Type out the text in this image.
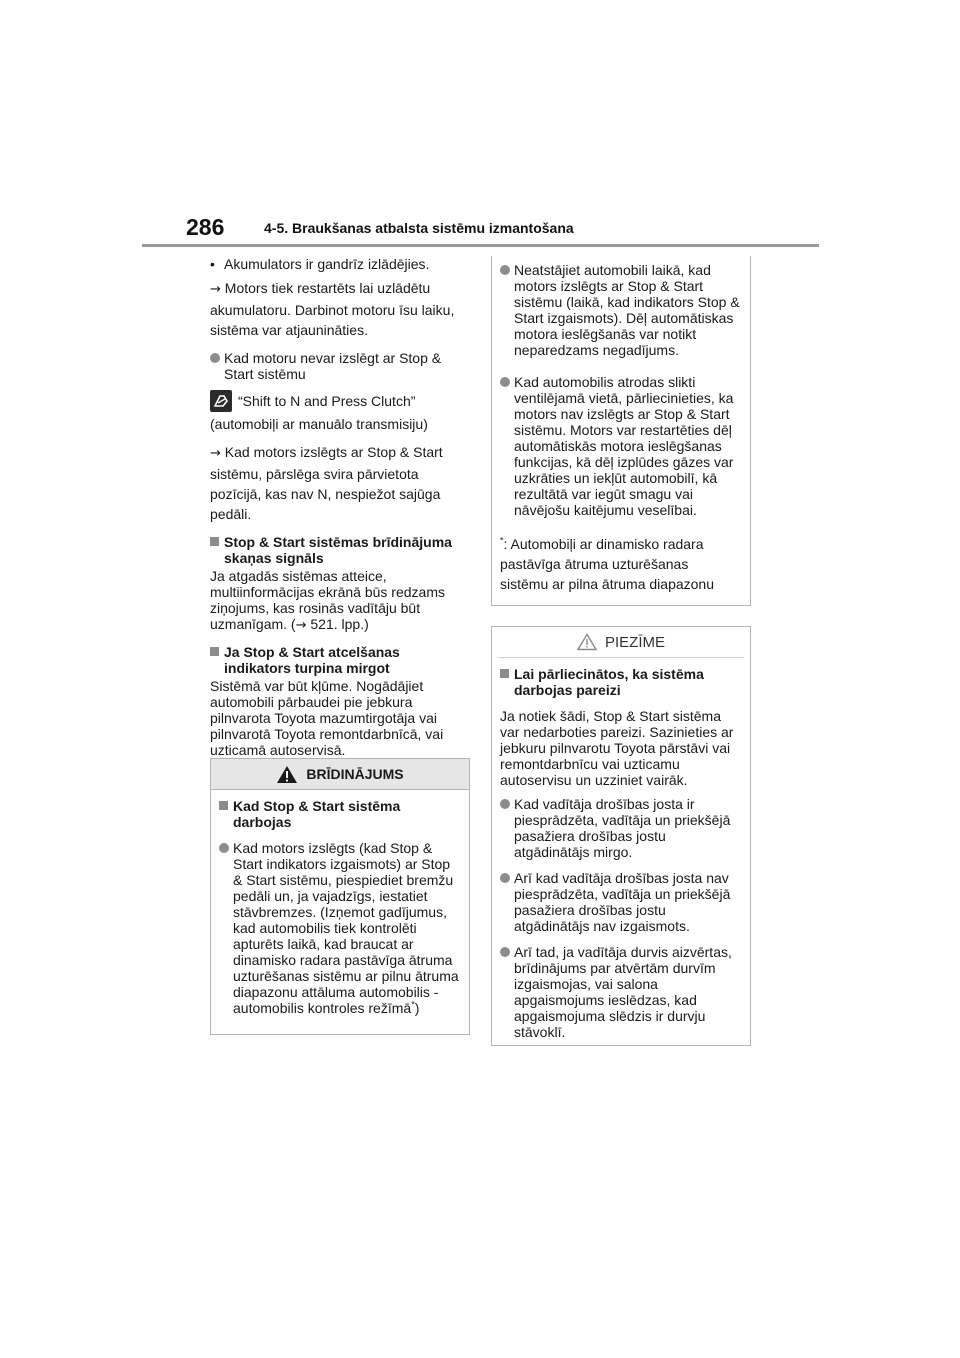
286	4-5. Braukšanas atbalsta sistēmu izmantošana
• Akumulators ir gandrīz izlādējies.

→ Motors tiek restartēts lai uzlādētu akumulatoru. Darbinot motoru īsu laiku, sistēma var atjaunināties.

Kad motoru nevar izslēgt ar Stop & Start sistēmu
“Shift to N and Press Clutch”

(automobiļi ar manuālo transmisiju)

→ Kad motors izslēgts ar Stop & Start sistēmu, pārslēga svira pārvietota pozīcijā, kas nav N, nespiežot sajūga pedāli.

Stop & Start sistēmas brīdinājuma skaņas signāls

Ja atgadās sistēmas atteice, multiinformācijas ekrānā būs redzams ziņojums, kas rosinās vadītāju būt uzmanīgam. (→ 521. lpp.)

Ja Stop & Start atcelšanas indikators turpina mirgot

Sistēmā var būt kļūme. Nogādājiet automobili pārbaudei pie jebkura pilnvarota Toyota mazumtirgotāja vai pilnvarotā Toyota remontdarbnīcā, vai uzticamā autoservisā.

BRĪDINĀJUMS
Kad Stop & Start sistēma darbojas
Kad motors izslēgts (kad Stop & Start indikators izgaismots) ar Stop & Start sistēmu, piespiediet bremžu pedāli un, ja vajadzīgs, iestatiet stāvbremzes. (Izņemot gadījumus, kad automobilis tiek kontrolēti apturēts laikā, kad braucat ar dinamisko radara pastāvīga ātruma uzturēšanas sistēmu ar pilnu ātruma diapazonu attāluma automobilis - automobilis kontroles režīmā*)
Neatstājiet automobili laikā, kad motors izslēgts ar Stop & Start sistēmu (laikā, kad indikators Stop & Start izgaismots). Dēļ automātiskas motora ieslēgšanās var notikt neparedzams negadījums.
Kad automobilis atrodas slikti ventilējamā vietā, pārliecinieties, ka motors nav izslēgts ar Stop & Start sistēmu. Motors var restartēties dēļ automātiskās motora ieslēgšanas funkcijas, kā dēļ izplūdes gāzes var uzkrāties un iekļūt automobilī, kā rezultātā var iegūt smagu vai nāvējošu kaitējumu veselībai.

*: Automobiļi ar dinamisko radara pastāvīga ātruma uzturēšanas sistēmu ar pilna ātruma diapazonu

PIEZĪME
Lai pārliecinātos, ka sistēma darbojas pareizi

Ja notiek šādi, Stop & Start sistēma var nedarboties pareizi. Sazinieties ar jebkuru pilnvarotu Toyota pārstāvi vai remontdarbnīcu vai uzticamu autoservisu un uzziniet vairāk.

Kad vadītāja drošības josta ir piesprādzēta, vadītāja un priekšējā pasažiera drošības jostu atgādinātājs mirgo.
Arī kad vadītāja drošības josta nav piesprādzēta, vadītāja un priekšējā pasažiera drošības jostu atgādinātājs nav izgaismots.
Arī tad, ja vadītāja durvis aizvērtas, brīdinājums par atvērtām durvīm izgaismojas, vai salona apgaismojums ieslēdzas, kad apgaismojuma slēdzis ir durvju stāvoklī.
